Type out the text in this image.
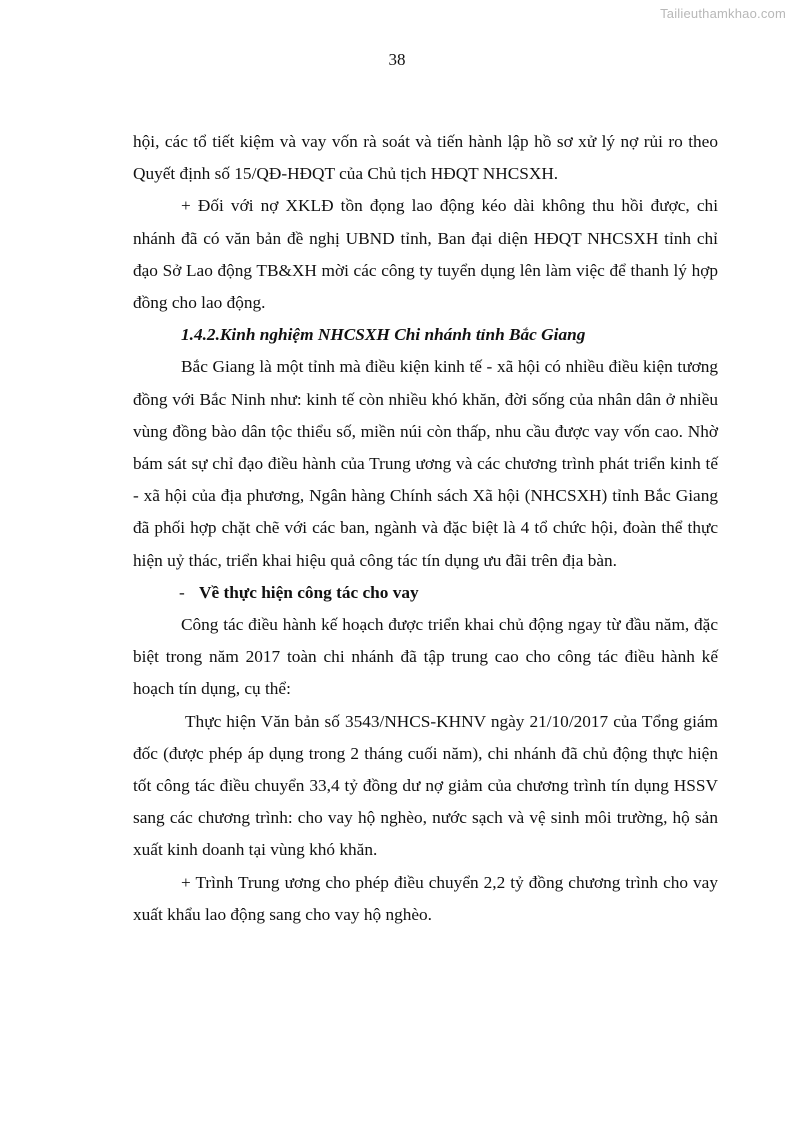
Tailieuthamkhao.com
38

hội, các tổ tiết kiệm và vay vốn rà soát và tiến hành lập hồ sơ xử lý nợ rủi ro theo Quyết định số 15/QĐ-HĐQT của Chủ tịch HĐQT NHCSXH.

+ Đối với nợ XKLĐ tồn đọng lao động kéo dài không thu hồi được, chi nhánh đã có văn bản đề nghị UBND tỉnh, Ban đại diện HĐQT NHCSXH tỉnh chỉ đạo Sở Lao động TB&XH mời các công ty tuyển dụng lên làm việc để thanh lý hợp đồng cho lao động.

1.4.2.Kinh nghiệm NHCSXH Chi nhánh tỉnh Bắc Giang

Bắc Giang là một tỉnh mà điều kiện kinh tế - xã hội có nhiều điều kiện tương đồng với Bắc Ninh như: kinh tế còn nhiều khó khăn, đời sống của nhân dân ở nhiều vùng đồng bào dân tộc thiểu số, miền núi còn thấp, nhu cầu được vay vốn cao. Nhờ bám sát sự chỉ đạo điều hành của Trung ương và các chương trình phát triển kinh tế - xã hội của địa phương, Ngân hàng Chính sách Xã hội (NHCSXH) tỉnh Bắc Giang đã phối hợp chặt chẽ với các ban, ngành và đặc biệt là 4 tổ chức hội, đoàn thể thực hiện uỷ thác, triển khai hiệu quả công tác tín dụng ưu đãi trên địa bàn.

- Về thực hiện công tác cho vay

Công tác điều hành kế hoạch được triển khai chủ động ngay từ đầu năm, đặc biệt trong năm 2017 toàn chi nhánh đã tập trung cao cho công tác điều hành kế hoạch tín dụng, cụ thể:

Thực hiện Văn bản số 3543/NHCS-KHNV ngày 21/10/2017 của Tổng giám đốc (được phép áp dụng trong 2 tháng cuối năm), chi nhánh đã chủ động thực hiện tốt công tác điều chuyển 33,4 tỷ đồng dư nợ giảm của chương trình tín dụng HSSV sang các chương trình: cho vay hộ nghèo, nước sạch và vệ sinh môi trường, hộ sản xuất kinh doanh tại vùng khó khăn.

+ Trình Trung ương cho phép điều chuyển 2,2 tỷ đồng chương trình cho vay xuất khẩu lao động sang cho vay hộ nghèo.
